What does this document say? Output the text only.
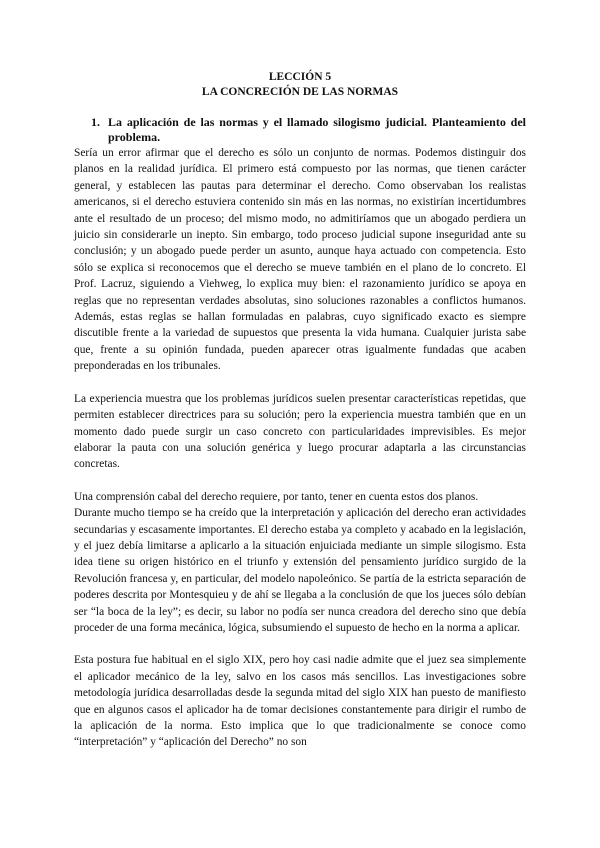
LECCIÓN 5
LA CONCRECIÓN DE LAS NORMAS
1. La aplicación de las normas y el llamado silogismo judicial. Planteamiento del problema.

Sería un error afirmar que el derecho es sólo un conjunto de normas. Podemos distinguir dos planos en la realidad jurídica. El primero está compuesto por las normas, que tienen carácter general, y establecen las pautas para determinar el derecho. Como observaban los realistas americanos, si el derecho estuviera contenido sin más en las normas, no existirían incertidumbres ante el resultado de un proceso; del mismo modo, no admitiríamos que un abogado perdiera un juicio sin considerarle un inepto. Sin embargo, todo proceso judicial supone inseguridad ante su conclusión; y un abogado puede perder un asunto, aunque haya actuado con competencia. Esto sólo se explica si reconocemos que el derecho se mueve también en el plano de lo concreto. El Prof. Lacruz, siguiendo a Viehweg, lo explica muy bien: el razonamiento jurídico se apoya en reglas que no representan verdades absolutas, sino soluciones razonables a conflictos humanos. Además, estas reglas se hallan formuladas en palabras, cuyo significado exacto es siempre discutible frente a la variedad de supuestos que presenta la vida humana. Cualquier jurista sabe que, frente a su opinión fundada, pueden aparecer otras igualmente fundadas que acaben preponderadas en los tribunales.

La experiencia muestra que los problemas jurídicos suelen presentar características repetidas, que permiten establecer directrices para su solución; pero la experiencia muestra también que en un momento dado puede surgir un caso concreto con particularidades imprevisibles. Es mejor elaborar la pauta con una solución genérica y luego procurar adaptarla a las circunstancias concretas.

Una comprensión cabal del derecho requiere, por tanto, tener en cuenta estos dos planos.

Durante mucho tiempo se ha creído que la interpretación y aplicación del derecho eran actividades secundarias y escasamente importantes. El derecho estaba ya completo y acabado en la legislación, y el juez debía limitarse a aplicarlo a la situación enjuiciada mediante un simple silogismo. Esta idea tiene su origen histórico en el triunfo y extensión del pensamiento jurídico surgido de la Revolución francesa y, en particular, del modelo napoleónico. Se partía de la estricta separación de poderes descrita por Montesquieu y de ahí se llegaba a la conclusión de que los jueces sólo debían ser “la boca de la ley”; es decir, su labor no podía ser nunca creadora del derecho sino que debía proceder de una forma mecánica, lógica, subsumiendo el supuesto de hecho en la norma a aplicar.

Esta postura fue habitual en el siglo XIX, pero hoy casi nadie admite que el juez sea simplemente el aplicador mecánico de la ley, salvo en los casos más sencillos. Las investigaciones sobre metodología jurídica desarrolladas desde la segunda mitad del siglo XIX han puesto de manifiesto que en algunos casos el aplicador ha de tomar decisiones constantemente para dirigir el rumbo de la aplicación de la norma. Esto implica que lo que tradicionalmente se conoce como “interpretación” y “aplicación del Derecho” no son
